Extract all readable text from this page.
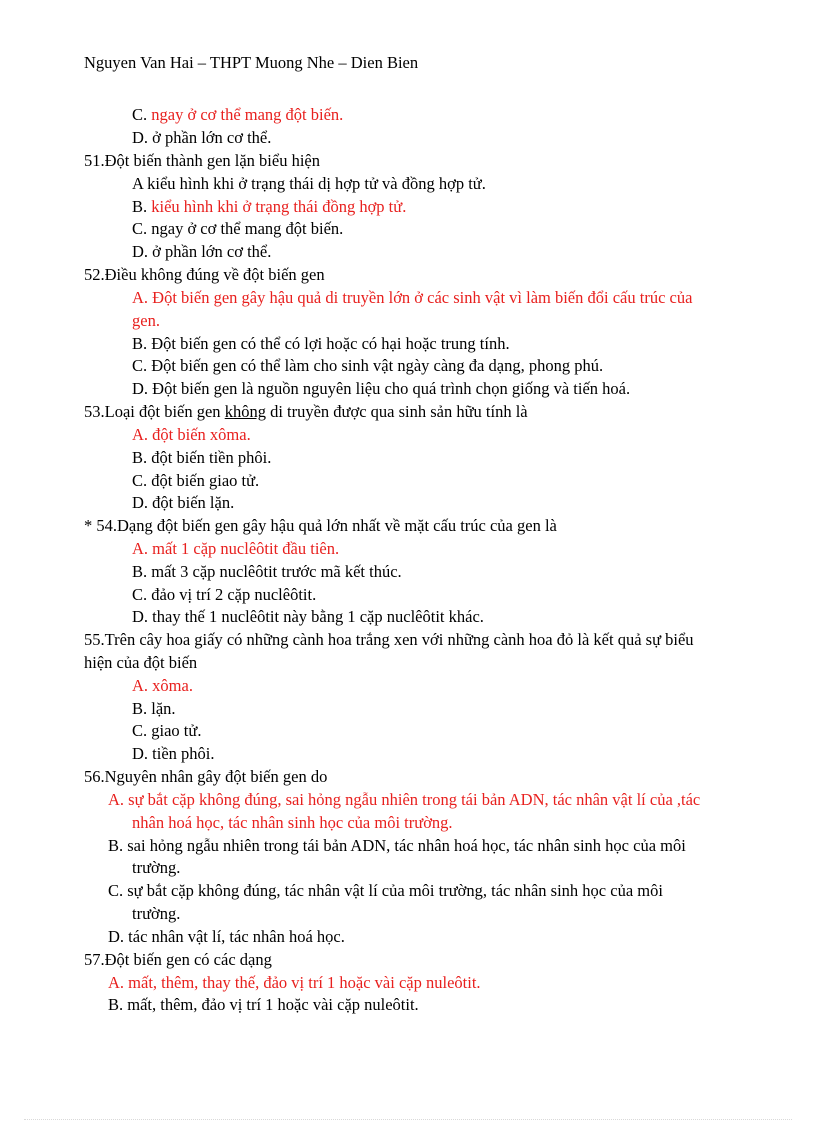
Nguyen Van Hai – THPT Muong Nhe – Dien Bien
C. ngay ở cơ thể mang đột biến.
D. ở phần lớn cơ thể.
51.Đột biến thành gen lặn biểu hiện
A kiểu hình khi ở trạng thái dị hợp tử và đồng hợp tử.
B. kiểu hình khi ở trạng thái đồng hợp tử.
C. ngay ở cơ thể mang đột biến.
D. ở phần lớn cơ thể.
52.Điều không đúng về đột biến gen
A. Đột biến gen gây hậu quả di truyền lớn ở các sinh vật vì làm biến đổi cấu trúc của
gen.
B. Đột biến gen có thể có lợi hoặc có hại hoặc trung tính.
C. Đột biến gen có thể làm cho sinh vật ngày càng đa dạng, phong phú.
D. Đột biến gen là nguồn nguyên liệu cho quá trình chọn giống và tiến hoá.
53.Loại đột biến gen không di truyền được qua sinh sản hữu tính là
A. đột biến xôma.
B. đột biến tiền phôi.
C. đột biến giao tử.
D. đột biến lặn.
* 54.Dạng đột biến gen gây hậu quả lớn nhất về mặt cấu trúc của gen là
A. mất 1 cặp nuclêôtit đầu tiên.
B. mất 3 cặp nuclêôtit trước mã kết thúc.
C. đảo vị trí 2 cặp nuclêôtit.
D. thay thế 1 nuclêôtit này bằng 1 cặp nuclêôtit khác.
55.Trên cây hoa giấy có những cành hoa trắng xen với những cành hoa đỏ là kết quả sự biểu
hiện của đột biến
A. xôma.
B. lặn.
C. giao tử.
D. tiền phôi.
56.Nguyên nhân gây đột biến gen do
A. sự bắt cặp không đúng, sai hỏng ngẫu nhiên trong tái bản ADN, tác nhân vật lí của ,tác
nhân hoá học, tác nhân sinh học của môi trường.
B. sai hỏng ngẫu nhiên trong tái bản ADN, tác nhân hoá học, tác nhân sinh học của môi
trường.
C. sự bắt cặp không đúng, tác nhân vật lí của môi trường, tác nhân sinh học của môi
trường.
D. tác nhân vật lí, tác nhân hoá học.
57.Đột biến gen có các dạng
A. mất, thêm, thay thế, đảo vị trí 1 hoặc vài cặp nuleôtit.
B. mất, thêm, đảo vị trí 1 hoặc vài cặp nuleôtit.
